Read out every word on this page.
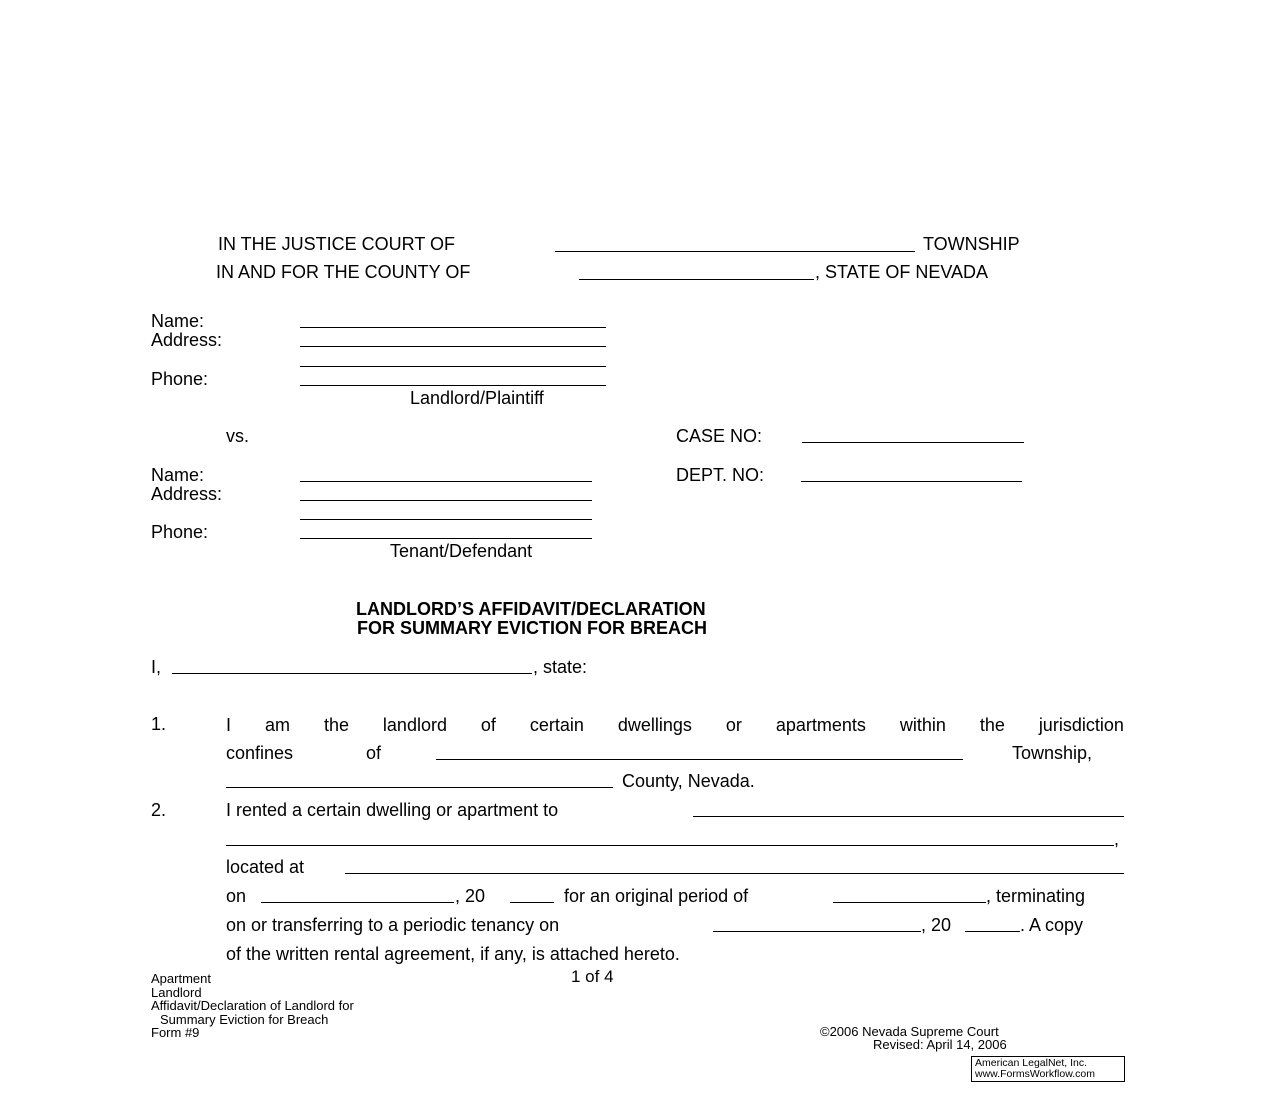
IN THE JUSTICE COURT OF	TOWNSHIP
IN AND FOR THE COUNTY OF	, STATE OF NEVADA
Name:
Address:
Phone:
Landlord/Plaintiff
vs.	CASE NO:
DEPT. NO:
Name:
Address:
Phone:
Tenant/Defendant
LANDLORD’S AFFIDAVIT/DECLARATION
FOR SUMMARY EVICTION FOR BREACH
I,	, state:
1.	I am the landlord of certain dwellings or apartments within the jurisdiction
confines	of	Township,
County, Nevada.
2.	I rented a certain dwelling or apartment to
,
located at
on	, 20	for an original period of	, terminating
on or transferring to a periodic tenancy on	, 20	. A copy
of the written rental agreement, if any, is attached hereto.
Apartment
Landlord
Affidavit/Declaration of Landlord for
Summary Eviction for Breach
Form #9
1 of 4
©2006 Nevada Supreme Court
Revised: April 14, 2006
American LegalNet, Inc.
www.FormsWorkflow.com
